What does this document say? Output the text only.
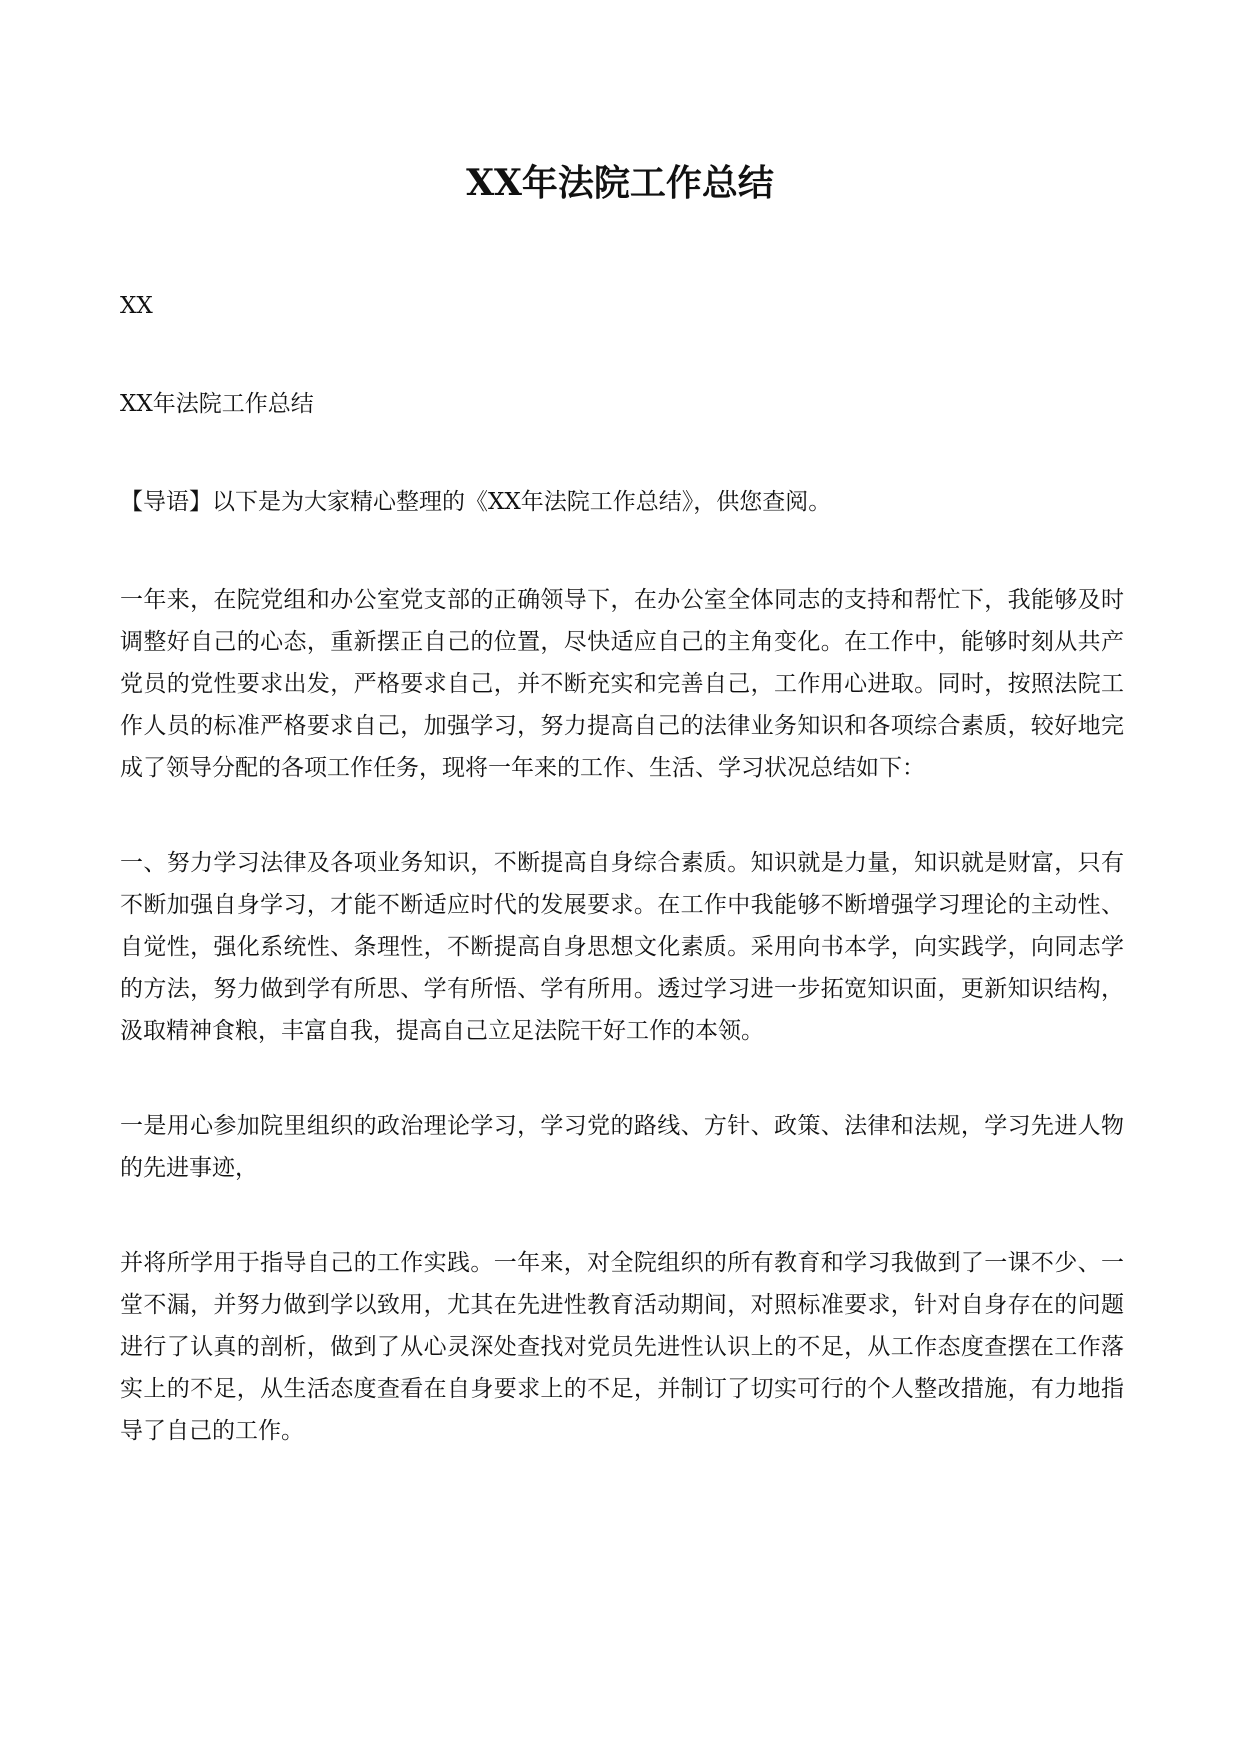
XX年法院工作总结

XX

XX年法院工作总结

【导语】以下是为大家精心整理的《XX年法院工作总结》，供您查阅。

一年来，在院党组和办公室党支部的正确领导下，在办公室全体同志的支持和帮忙下，我能够及时调整好自己的心态，重新摆正自己的位置，尽快适应自己的主角变化。在工作中，能够时刻从共产党员的党性要求出发，严格要求自己，并不断充实和完善自己，工作用心进取。同时，按照法院工作人员的标准严格要求自己，加强学习，努力提高自己的法律业务知识和各项综合素质，较好地完成了领导分配的各项工作任务，现将一年来的工作、生活、学习状况总结如下：

一、努力学习法律及各项业务知识，不断提高自身综合素质。知识就是力量，知识就是财富，只有不断加强自身学习，才能不断适应时代的发展要求。在工作中我能够不断增强学习理论的主动性、自觉性，强化系统性、条理性，不断提高自身思想文化素质。采用向书本学，向实践学，向同志学的方法，努力做到学有所思、学有所悟、学有所用。透过学习进一步拓宽知识面，更新知识结构，汲取精神食粮，丰富自我，提高自己立足法院干好工作的本领。

一是用心参加院里组织的政治理论学习，学习党的路线、方针、政策、法律和法规，学习先进人物的先进事迹，

并将所学用于指导自己的工作实践。一年来，对全院组织的所有教育和学习我做到了一课不少、一堂不漏，并努力做到学以致用，尤其在先进性教育活动期间，对照标准要求，针对自身存在的问题进行了认真的剖析，做到了从心灵深处查找对党员先进性认识上的不足，从工作态度查摆在工作落实上的不足，从生活态度查看在自身要求上的不足，并制订了切实可行的个人整改措施，有力地指导了自己的工作。
